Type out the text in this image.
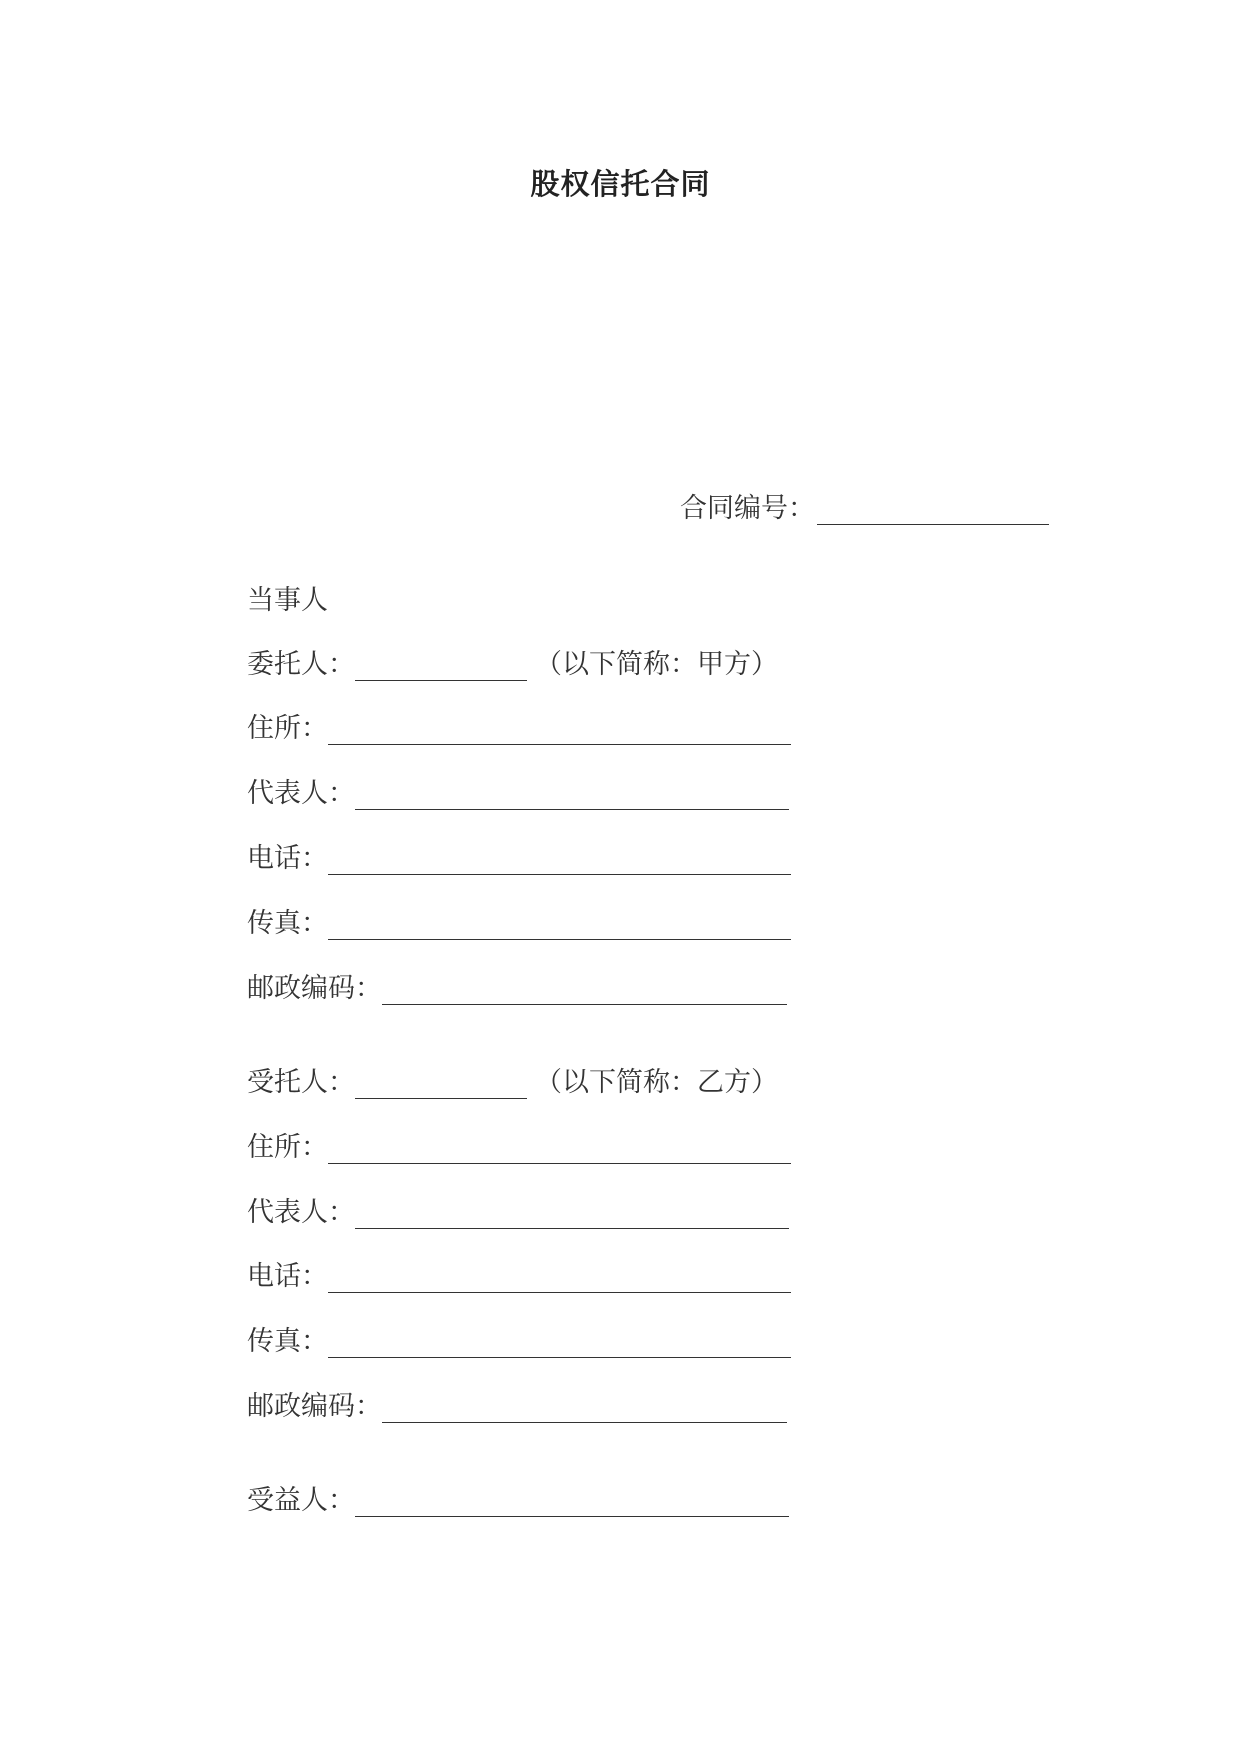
股权信托合同
合同编号：
当事人
委托人：	（以下简称：甲方）
住所：
代表人：
电话：
传真：
邮政编码：
受托人：	（以下简称：乙方）
住所：
代表人：
电话：
传真：
邮政编码：
受益人：
